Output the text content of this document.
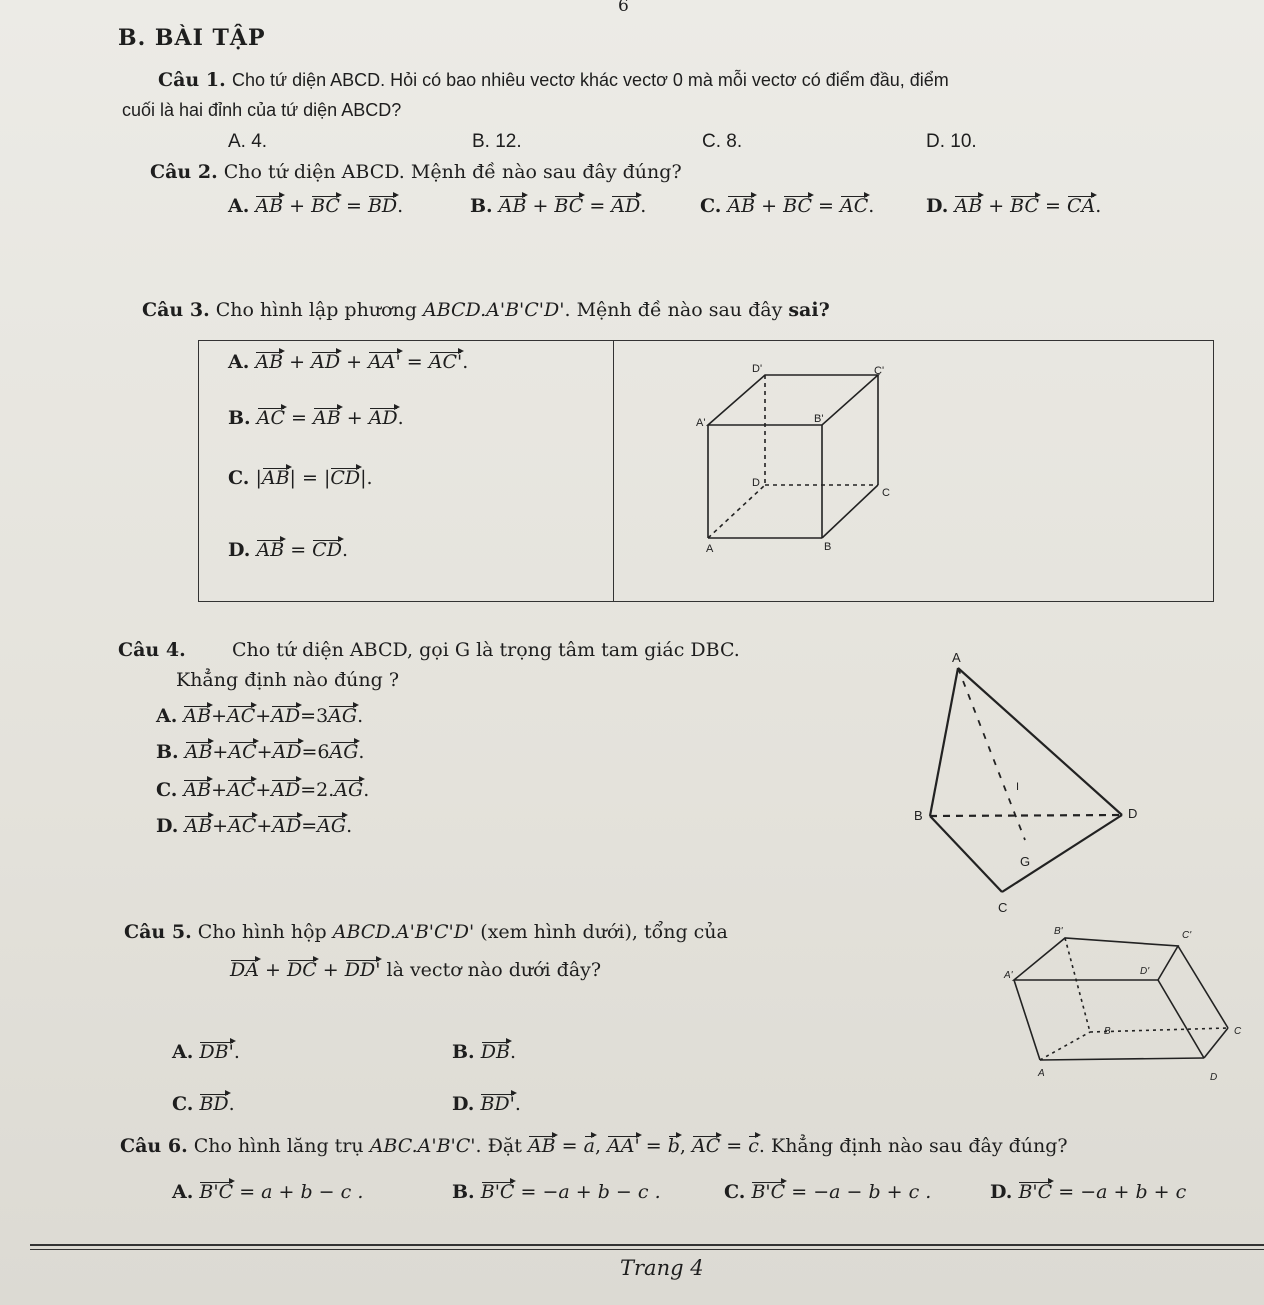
6
B. BÀI TẬP
Câu 1. Cho tứ diện ABCD. Hỏi có bao nhiêu vectơ khác vectơ 0 mà mỗi vectơ có điểm đầu, điểm
cuối là hai đỉnh của tứ diện ABCD?
A. 4.	B. 12.	C. 8.	D. 10.
Câu 2. Cho tứ diện ABCD. Mệnh đề nào sau đây đúng?
A. AB + BC = BD.	B. AB + BC = AD.	C. AB + BC = AC.	D. AB + BC = CA.
Câu 3. Cho hình lập phương ABCD.A'B'C'D'. Mệnh đề nào sau đây sai?
A. AB + AD + AA' = AC'.
B. AC = AB + AD.
C. |AB| = |CD|.
D. AB = CD.
D'	C'
A'	B'
D
C
A	B
Câu 4. Cho tứ diện ABCD, gọi G là trọng tâm tam giác DBC.
Khẳng định nào đúng ?
A. AB+AC+AD=3AG.
B. AB+AC+AD=6AG.
C. AB+AC+AD=2.AG.
D. AB+AC+AD=AG.
A
B	D
G
C
I
Câu 5. Cho hình hộp ABCD.A'B'C'D' (xem hình dưới), tổng của
DA + DC + DD' là vectơ nào dưới đây?
A. DB'.	B. DB.
C. BD.	D. BD'.
B'	C'
A'	D'
B	C
A	D
Câu 6. Cho hình lăng trụ ABC.A'B'C'. Đặt AB = a, AA' = b, AC = c. Khẳng định nào sau đây đúng?
A. B'C = a + b − c .	B. B'C = −a + b − c .	C. B'C = −a − b + c .	D. B'C = −a + b + c
Trang 4
